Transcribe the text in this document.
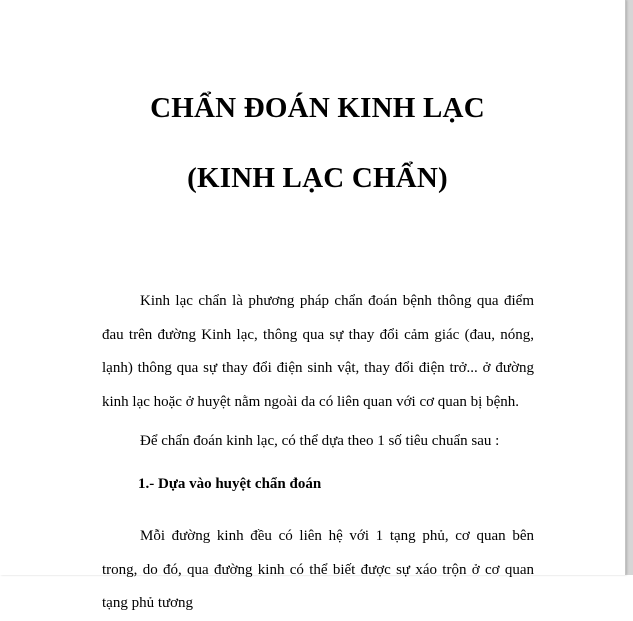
CHẨN ĐOÁN KINH LẠC
(KINH LẠC CHẨN)
Kinh lạc chẩn là phương pháp chẩn đoán bệnh thông qua điểm đau trên đường Kinh lạc, thông qua sự thay đổi cảm giác (đau, nóng, lạnh) thông qua sự thay đổi điện sinh vật, thay đổi điện trở... ở đường kinh lạc hoặc ở huyệt nằm ngoài da có liên quan với cơ quan bị bệnh.
Để chẩn đoán kinh lạc, có thể dựa theo 1 số tiêu chuẩn sau :
1.- Dựa vào huyệt chẩn đoán
Mỗi đường kinh đều có liên hệ với 1 tạng phủ, cơ quan bên trong, do đó, qua đường kinh có thể biết được sự xáo trộn ở cơ quan tạng phủ tương
